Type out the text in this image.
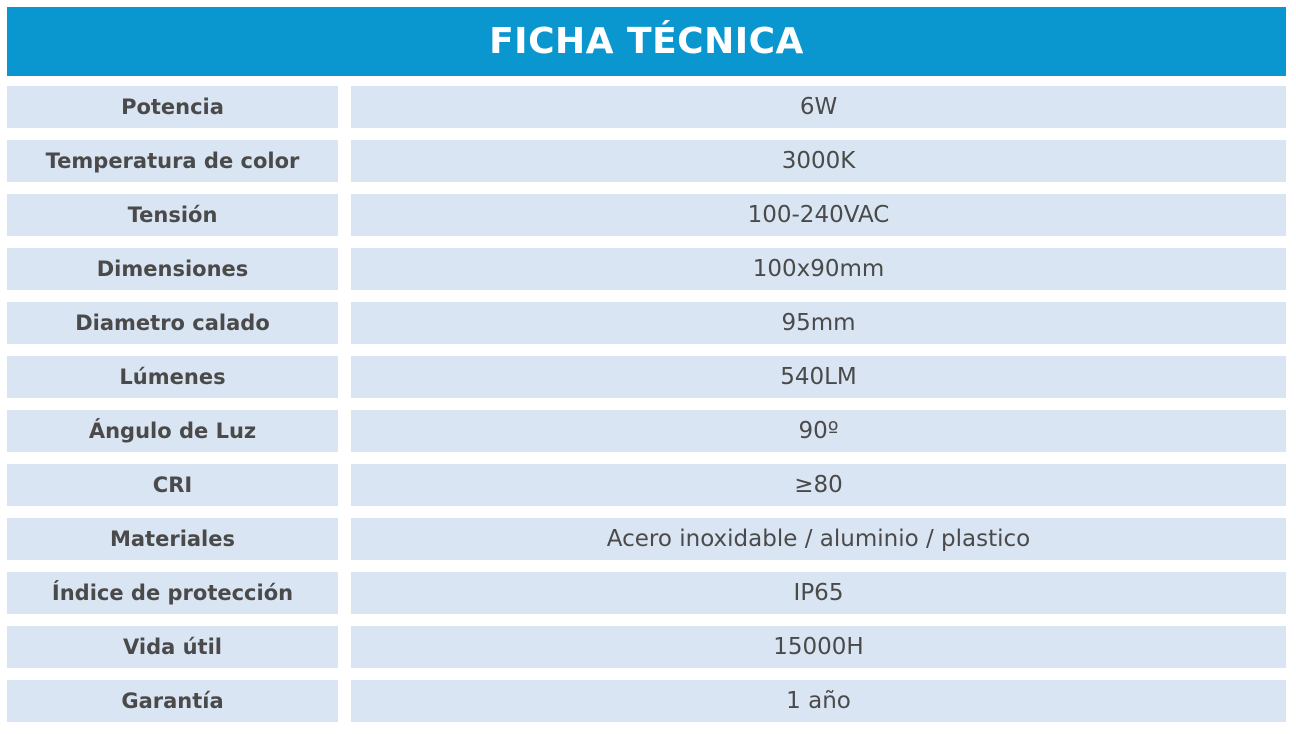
FICHA TÉCNICA
Potencia	6W
Temperatura de color	3000K
Tensión	100-240VAC
Dimensiones	100x90mm
Diametro calado	95mm
Lúmenes	540LM
Ángulo de Luz	90º
CRI	≥80
Materiales	Acero inoxidable / aluminio / plastico
Índice de protección	IP65
Vida útil	15000H
Garantía	1 año
